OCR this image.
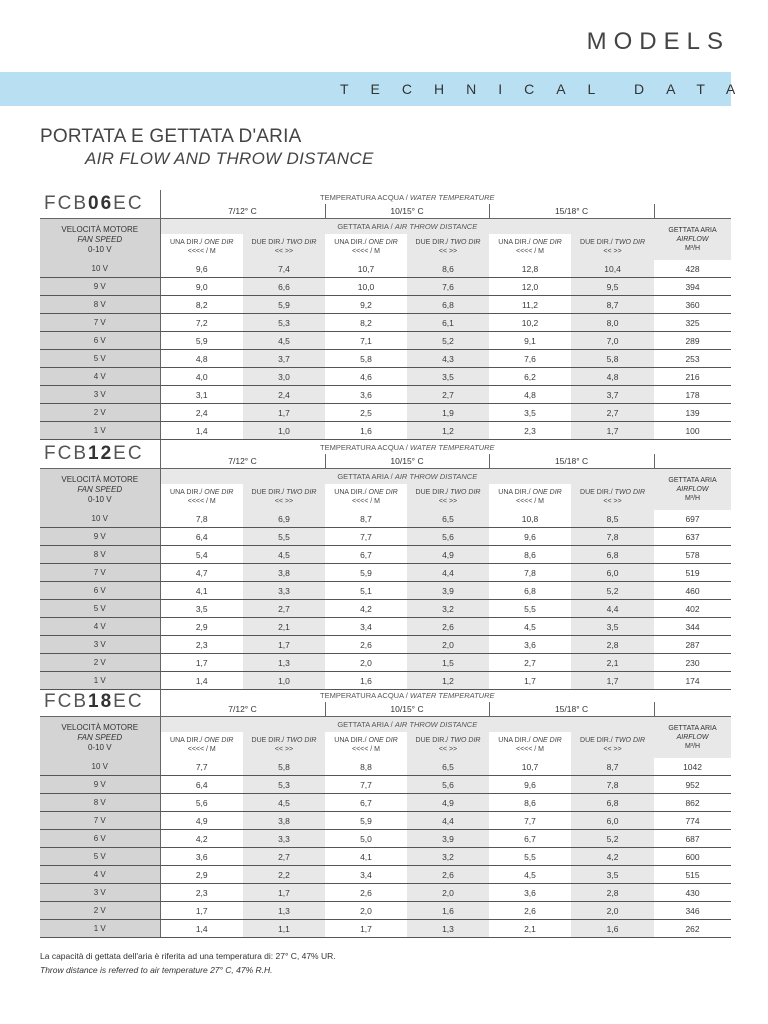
MODELS
TECHNICAL DATA
PORTATA E GETTATA D'ARIA
AIR FLOW AND THROW DISTANCE
FCB06EC
		TEMPERATURA ACQUA / WATER TEMPERATURE						
	7/12° C		10/15° C		15/18° C		
VELOCITÀ MOTORE
FAN SPEED
0-10 V	GETTATA ARIA / AIR THROW DISTANCE						GETTATA ARIA
AIRFLOW
M³/H
	UNA DIR./ ONE DIR
<<<< / M	DUE DIR./ TWO DIR
<< >>	UNA DIR./ ONE DIR
<<<< / M	DUE DIR./ TWO DIR
<< >>	UNA DIR./ ONE DIR
<<<< / M	DUE DIR./ TWO DIR
<< >>	
10 V	9,6	7,4	10,7	8,6	12,8	10,4	428
9 V	9,0	6,6	10,0	7,6	12,0	9,5	394
8 V	8,2	5,9	9,2	6,8	11,2	8,7	360
7 V	7,2	5,3	8,2	6,1	10,2	8,0	325
6 V	5,9	4,5	7,1	5,2	9,1	7,0	289
5 V	4,8	3,7	5,8	4,3	7,6	5,8	253
4 V	4,0	3,0	4,6	3,5	6,2	4,8	216
3 V	3,1	2,4	3,6	2,7	4,8	3,7	178
2 V	2,4	1,7	2,5	1,9	3,5	2,7	139
1 V	1,4	1,0	1,6	1,2	2,3	1,7	100
FCB12EC
		TEMPERATURA ACQUA / WATER TEMPERATURE						
	7/12° C		10/15° C		15/18° C		
VELOCITÀ MOTORE
FAN SPEED
0-10 V	GETTATA ARIA / AIR THROW DISTANCE						GETTATA ARIA
AIRFLOW
M³/H
	UNA DIR./ ONE DIR
<<<< / M	DUE DIR./ TWO DIR
<< >>	UNA DIR./ ONE DIR
<<<< / M	DUE DIR./ TWO DIR
<< >>	UNA DIR./ ONE DIR
<<<< / M	DUE DIR./ TWO DIR
<< >>	
10 V	7,8	6,9	8,7	6,5	10,8	8,5	697
9 V	6,4	5,5	7,7	5,6	9,6	7,8	637
8 V	5,4	4,5	6,7	4,9	8,6	6,8	578
7 V	4,7	3,8	5,9	4,4	7,8	6,0	519
6 V	4,1	3,3	5,1	3,9	6,8	5,2	460
5 V	3,5	2,7	4,2	3,2	5,5	4,4	402
4 V	2,9	2,1	3,4	2,6	4,5	3,5	344
3 V	2,3	1,7	2,6	2,0	3,6	2,8	287
2 V	1,7	1,3	2,0	1,5	2,7	2,1	230
1 V	1,4	1,0	1,6	1,2	1,7	1,7	174
FCB18EC
		TEMPERATURA ACQUA / WATER TEMPERATURE						
	7/12° C		10/15° C		15/18° C		
VELOCITÀ MOTORE
FAN SPEED
0-10 V	GETTATA ARIA / AIR THROW DISTANCE						GETTATA ARIA
AIRFLOW
M³/H
	UNA DIR./ ONE DIR
<<<< / M	DUE DIR./ TWO DIR
<< >>	UNA DIR./ ONE DIR
<<<< / M	DUE DIR./ TWO DIR
<< >>	UNA DIR./ ONE DIR
<<<< / M	DUE DIR./ TWO DIR
<< >>	
10 V	7,7	5,8	8,8	6,5	10,7	8,7	1042
9 V	6,4	5,3	7,7	5,6	9,6	7,8	952
8 V	5,6	4,5	6,7	4,9	8,6	6,8	862
7 V	4,9	3,8	5,9	4,4	7,7	6,0	774
6 V	4,2	3,3	5,0	3,9	6,7	5,2	687
5 V	3,6	2,7	4,1	3,2	5,5	4,2	600
4 V	2,9	2,2	3,4	2,6	4,5	3,5	515
3 V	2,3	1,7	2,6	2,0	3,6	2,8	430
2 V	1,7	1,3	2,0	1,6	2,6	2,0	346
1 V	1,4	1,1	1,7	1,3	2,1	1,6	262
La capacità di gettata dell'aria è riferita ad una temperatura di: 27° C, 47% UR.
Throw distance is referred to air temperature 27° C, 47% R.H.
